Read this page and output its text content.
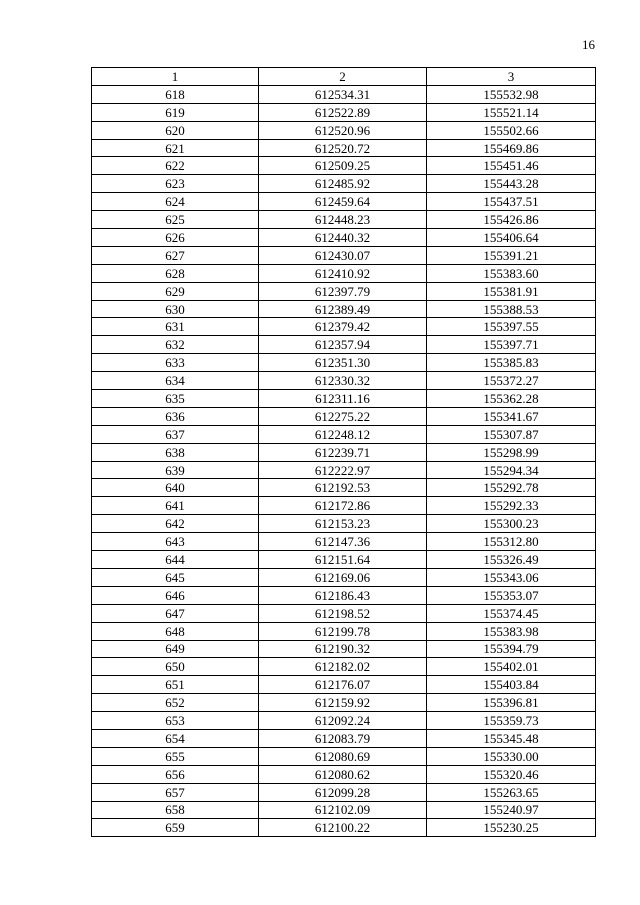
16
1	2	3
618	612534.31	155532.98
619	612522.89	155521.14
620	612520.96	155502.66
621	612520.72	155469.86
622	612509.25	155451.46
623	612485.92	155443.28
624	612459.64	155437.51
625	612448.23	155426.86
626	612440.32	155406.64
627	612430.07	155391.21
628	612410.92	155383.60
629	612397.79	155381.91
630	612389.49	155388.53
631	612379.42	155397.55
632	612357.94	155397.71
633	612351.30	155385.83
634	612330.32	155372.27
635	612311.16	155362.28
636	612275.22	155341.67
637	612248.12	155307.87
638	612239.71	155298.99
639	612222.97	155294.34
640	612192.53	155292.78
641	612172.86	155292.33
642	612153.23	155300.23
643	612147.36	155312.80
644	612151.64	155326.49
645	612169.06	155343.06
646	612186.43	155353.07
647	612198.52	155374.45
648	612199.78	155383.98
649	612190.32	155394.79
650	612182.02	155402.01
651	612176.07	155403.84
652	612159.92	155396.81
653	612092.24	155359.73
654	612083.79	155345.48
655	612080.69	155330.00
656	612080.62	155320.46
657	612099.28	155263.65
658	612102.09	155240.97
659	612100.22	155230.25
